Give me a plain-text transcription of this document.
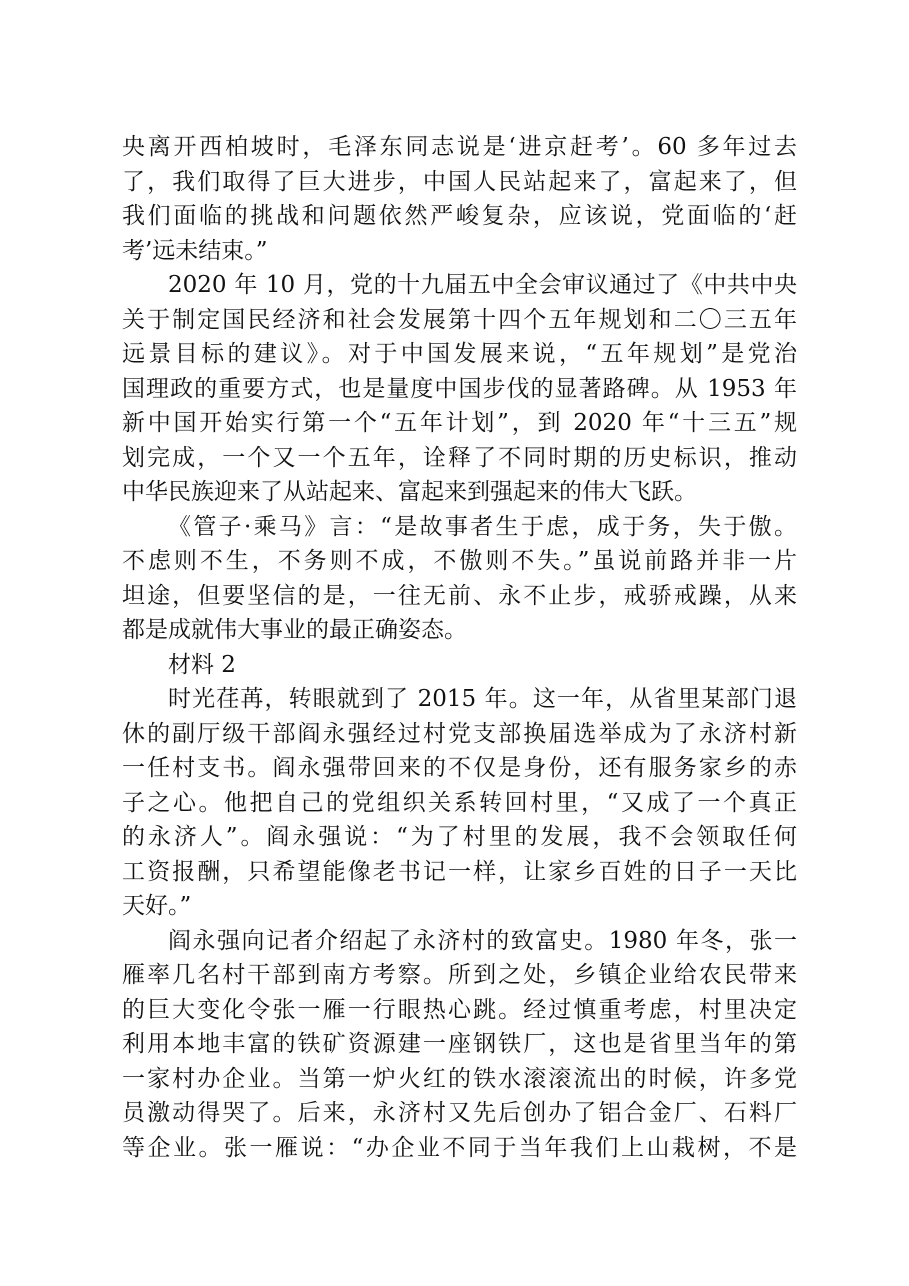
央离开西柏坡时，毛泽东同志说是‘进京赶考’。60 多年过去
了，我们取得了巨大进步，中国人民站起来了，富起来了，但
我们面临的挑战和问题依然严峻复杂，应该说，党面临的‘赶
考’远未结束。”
2020 年 10 月，党的十九届五中全会审议通过了《中共中央
关于制定国民经济和社会发展第十四个五年规划和二〇三五年
远景目标的建议》。对于中国发展来说，“五年规划”是党治
国理政的重要方式，也是量度中国步伐的显著路碑。从 1953 年
新中国开始实行第一个“五年计划”，到 2020 年“十三五”规
划完成，一个又一个五年，诠释了不同时期的历史标识，推动
中华民族迎来了从站起来、富起来到强起来的伟大飞跃。
《管子·乘马》言：“是故事者生于虑，成于务，失于傲。
不虑则不生，不务则不成，不傲则不失。”虽说前路并非一片
坦途，但要坚信的是，一往无前、永不止步，戒骄戒躁，从来
都是成就伟大事业的最正确姿态。
材料 2
时光荏苒，转眼就到了 2015 年。这一年，从省里某部门退
休的副厅级干部阎永强经过村党支部换届选举成为了永济村新
一任村支书。阎永强带回来的不仅是身份，还有服务家乡的赤
子之心。他把自己的党组织关系转回村里，“又成了一个真正
的永济人”。阎永强说：“为了村里的发展，我不会领取任何
工资报酬，只希望能像老书记一样，让家乡百姓的日子一天比
天好。”
阎永强向记者介绍起了永济村的致富史。1980 年冬，张一
雁率几名村干部到南方考察。所到之处，乡镇企业给农民带来
的巨大变化令张一雁一行眼热心跳。经过慎重考虑，村里决定
利用本地丰富的铁矿资源建一座钢铁厂，这也是省里当年的第
一家村办企业。当第一炉火红的铁水滚滚流出的时候，许多党
员激动得哭了。后来，永济村又先后创办了铝合金厂、石料厂
等企业。张一雁说：“办企业不同于当年我们上山栽树，不是
